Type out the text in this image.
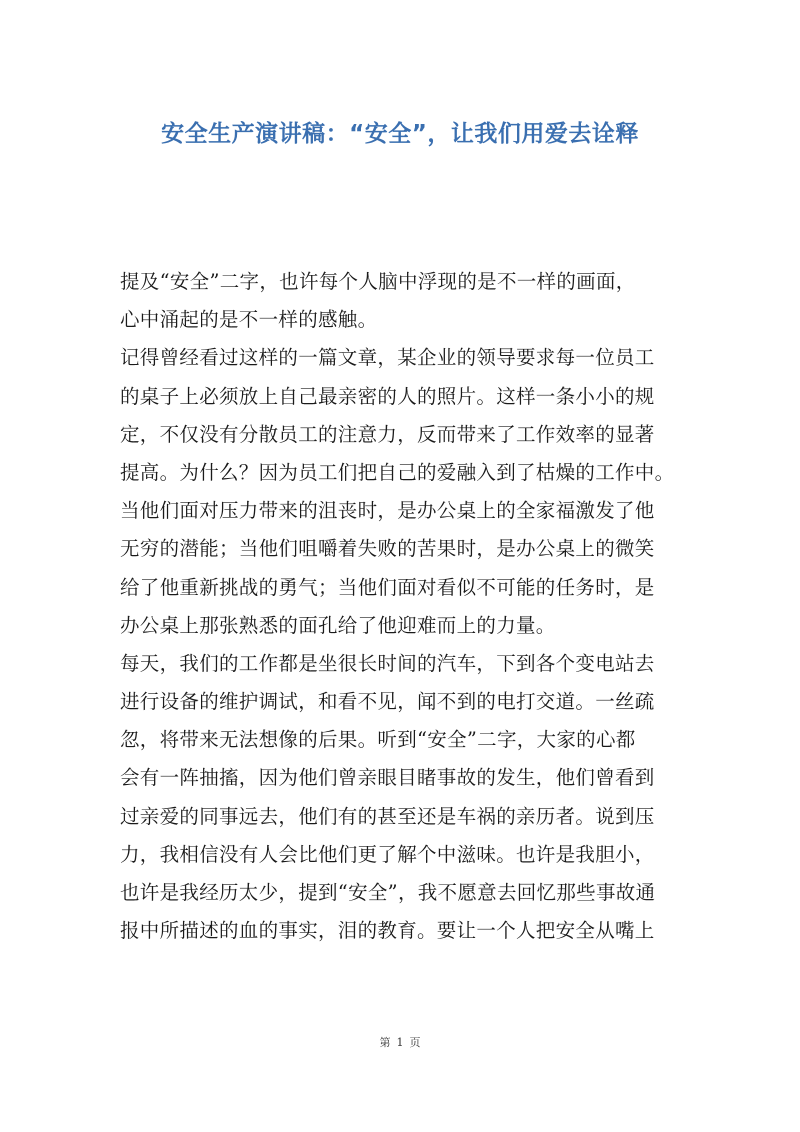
安全生产演讲稿：“安全”，让我们用爱去诠释
提及“安全”二字，也许每个人脑中浮现的是不一样的画面，
心中涌起的是不一样的感触。
记得曾经看过这样的一篇文章，某企业的领导要求每一位员工
的桌子上必须放上自己最亲密的人的照片。这样一条小小的规
定，不仅没有分散员工的注意力，反而带来了工作效率的显著
提高。为什么？因为员工们把自己的爱融入到了枯燥的工作中。
当他们面对压力带来的沮丧时，是办公桌上的全家福激发了他
无穷的潜能；当他们咀嚼着失败的苦果时，是办公桌上的微笑
给了他重新挑战的勇气；当他们面对看似不可能的任务时，是
办公桌上那张熟悉的面孔给了他迎难而上的力量。
每天，我们的工作都是坐很长时间的汽车，下到各个变电站去
进行设备的维护调试，和看不见，闻不到的电打交道。一丝疏
忽，将带来无法想像的后果。听到“安全”二字，大家的心都
会有一阵抽搐，因为他们曾亲眼目睹事故的发生，他们曾看到
过亲爱的同事远去，他们有的甚至还是车祸的亲历者。说到压
力，我相信没有人会比他们更了解个中滋味。也许是我胆小，
也许是我经历太少，提到“安全”，我不愿意去回忆那些事故通
报中所描述的血的事实，泪的教育。要让一个人把安全从嘴上
第 1 页
